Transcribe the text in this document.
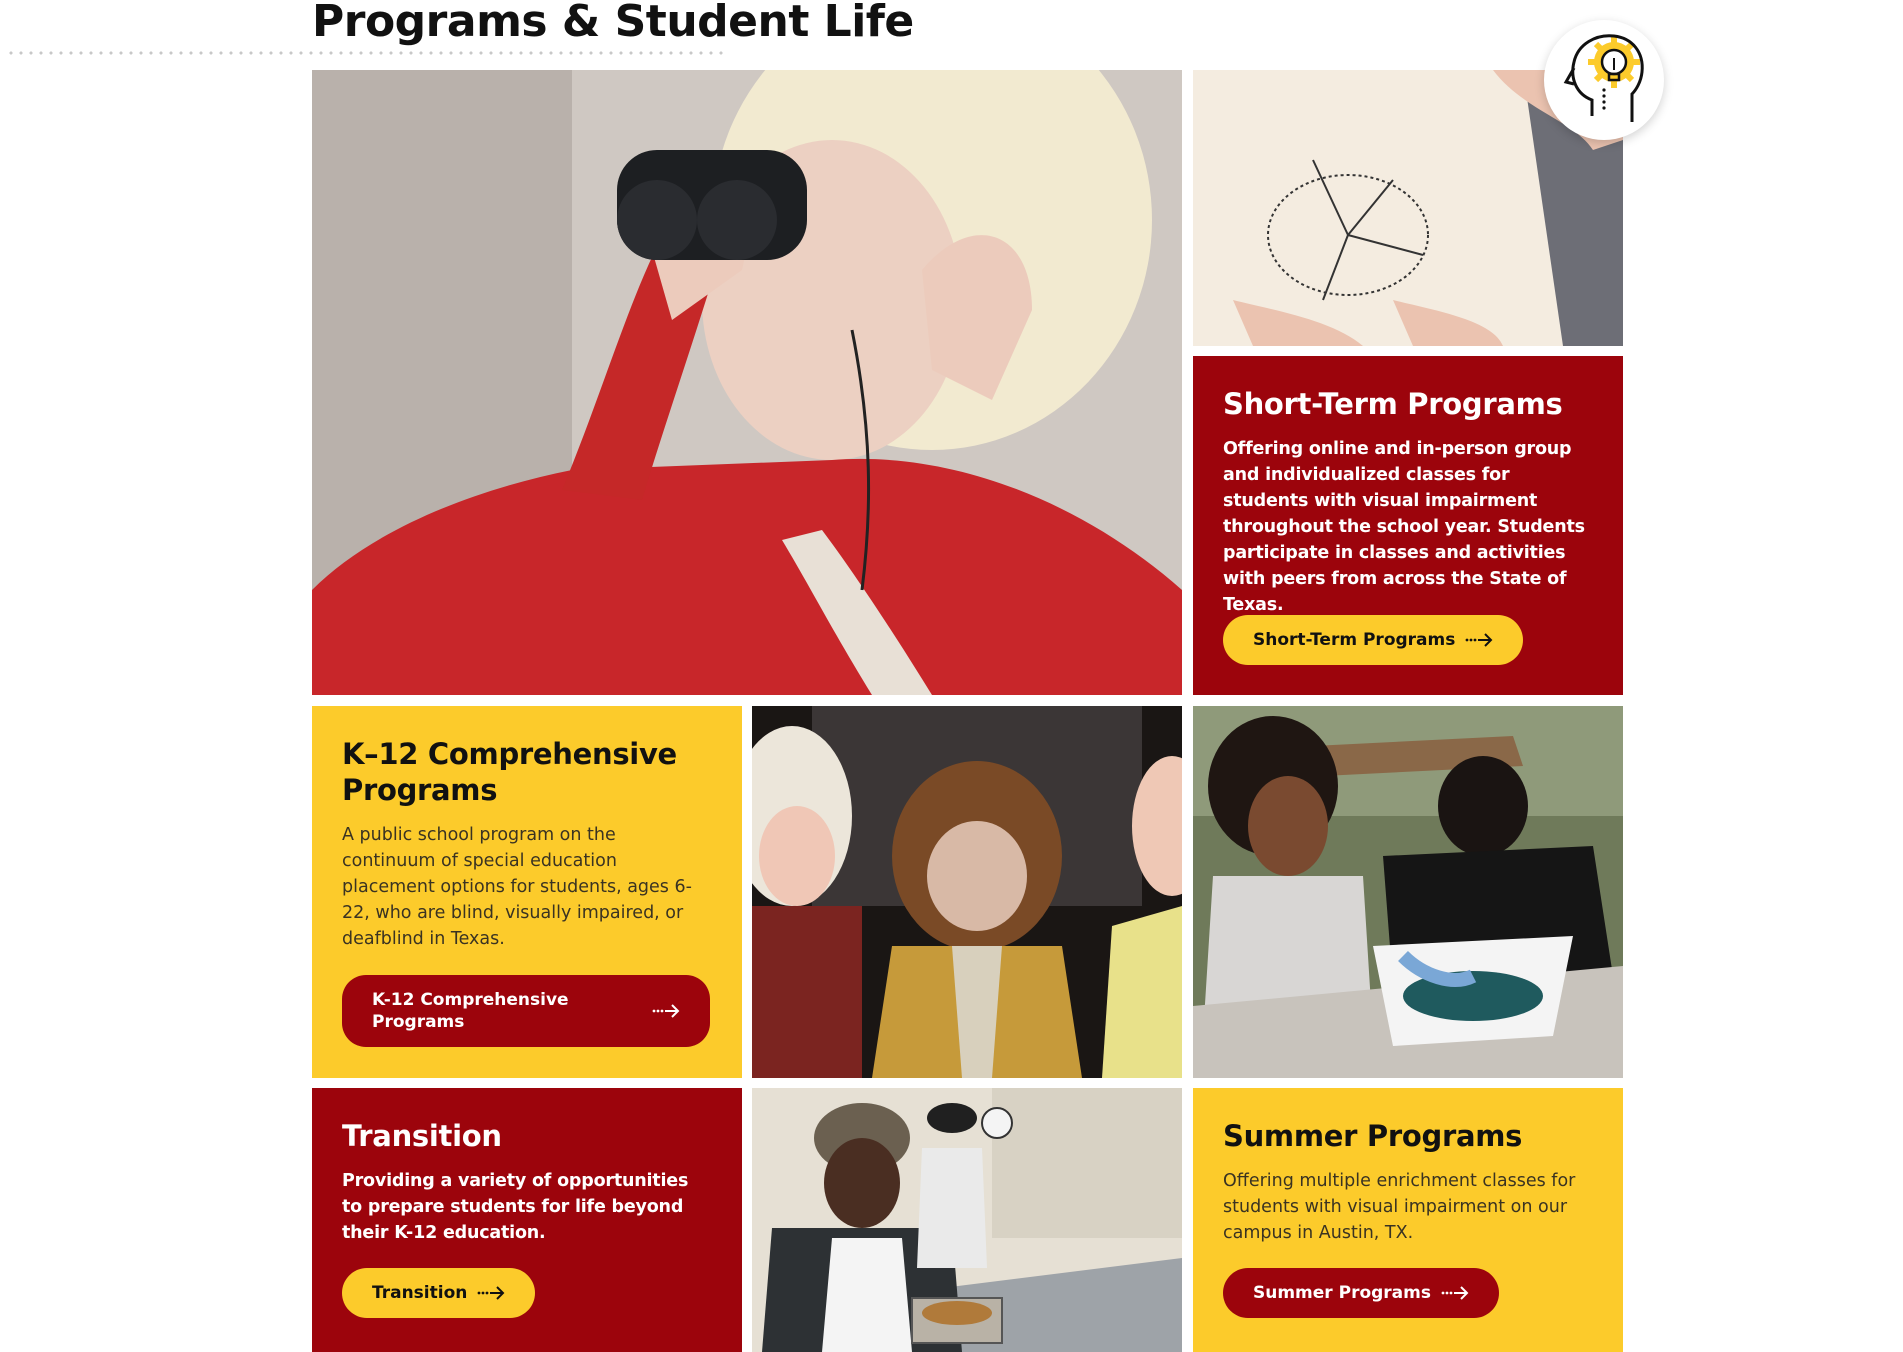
Programs & Student Life
Short-Term Programs

Offering online and in-person group and individualized classes for students with visual impairment throughout the school year. Students participate in classes and activities with peers from across the State of Texas.

Short-Term Programs
K–12 Comprehensive Programs

A public school program on the continuum of special education placement options for students, ages 6-22, who are blind, visually impaired, or deafblind in Texas.

K-12 Comprehensive Programs
Transition

Providing a variety of opportunities to prepare students for life beyond their K-12 education.

Transition
Summer Programs

Offering multiple enrichment classes for students with visual impairment on our campus in Austin, TX.

Summer Programs
